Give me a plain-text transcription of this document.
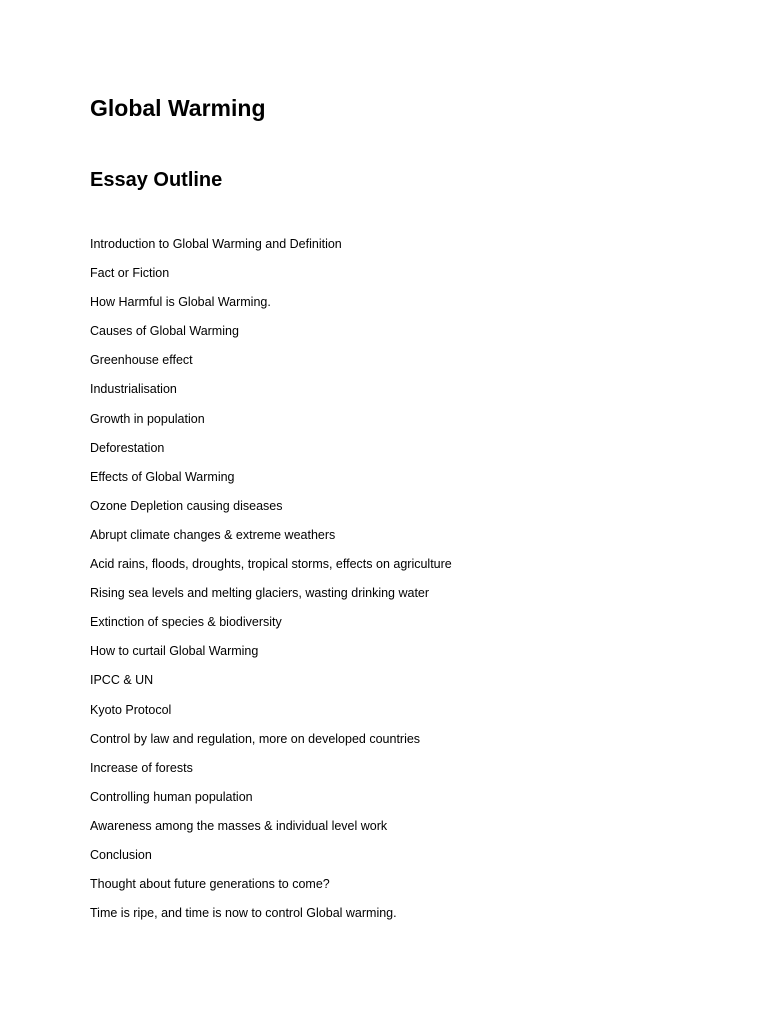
Global Warming
Essay Outline
Introduction to Global Warming and Definition
Fact or Fiction
How Harmful is Global Warming.
Causes of Global Warming
Greenhouse effect
Industrialisation
Growth in population
Deforestation
Effects of Global Warming
Ozone Depletion causing diseases
Abrupt climate changes & extreme weathers
Acid rains, floods, droughts, tropical storms, effects on agriculture
Rising sea levels and melting glaciers, wasting drinking water
Extinction of species & biodiversity
How to curtail Global Warming
IPCC & UN
Kyoto Protocol
Control by law and regulation, more on developed countries
Increase of forests
Controlling human population
Awareness among the masses & individual level work
Conclusion
Thought about future generations to come?
Time is ripe, and time is now to control Global warming.
